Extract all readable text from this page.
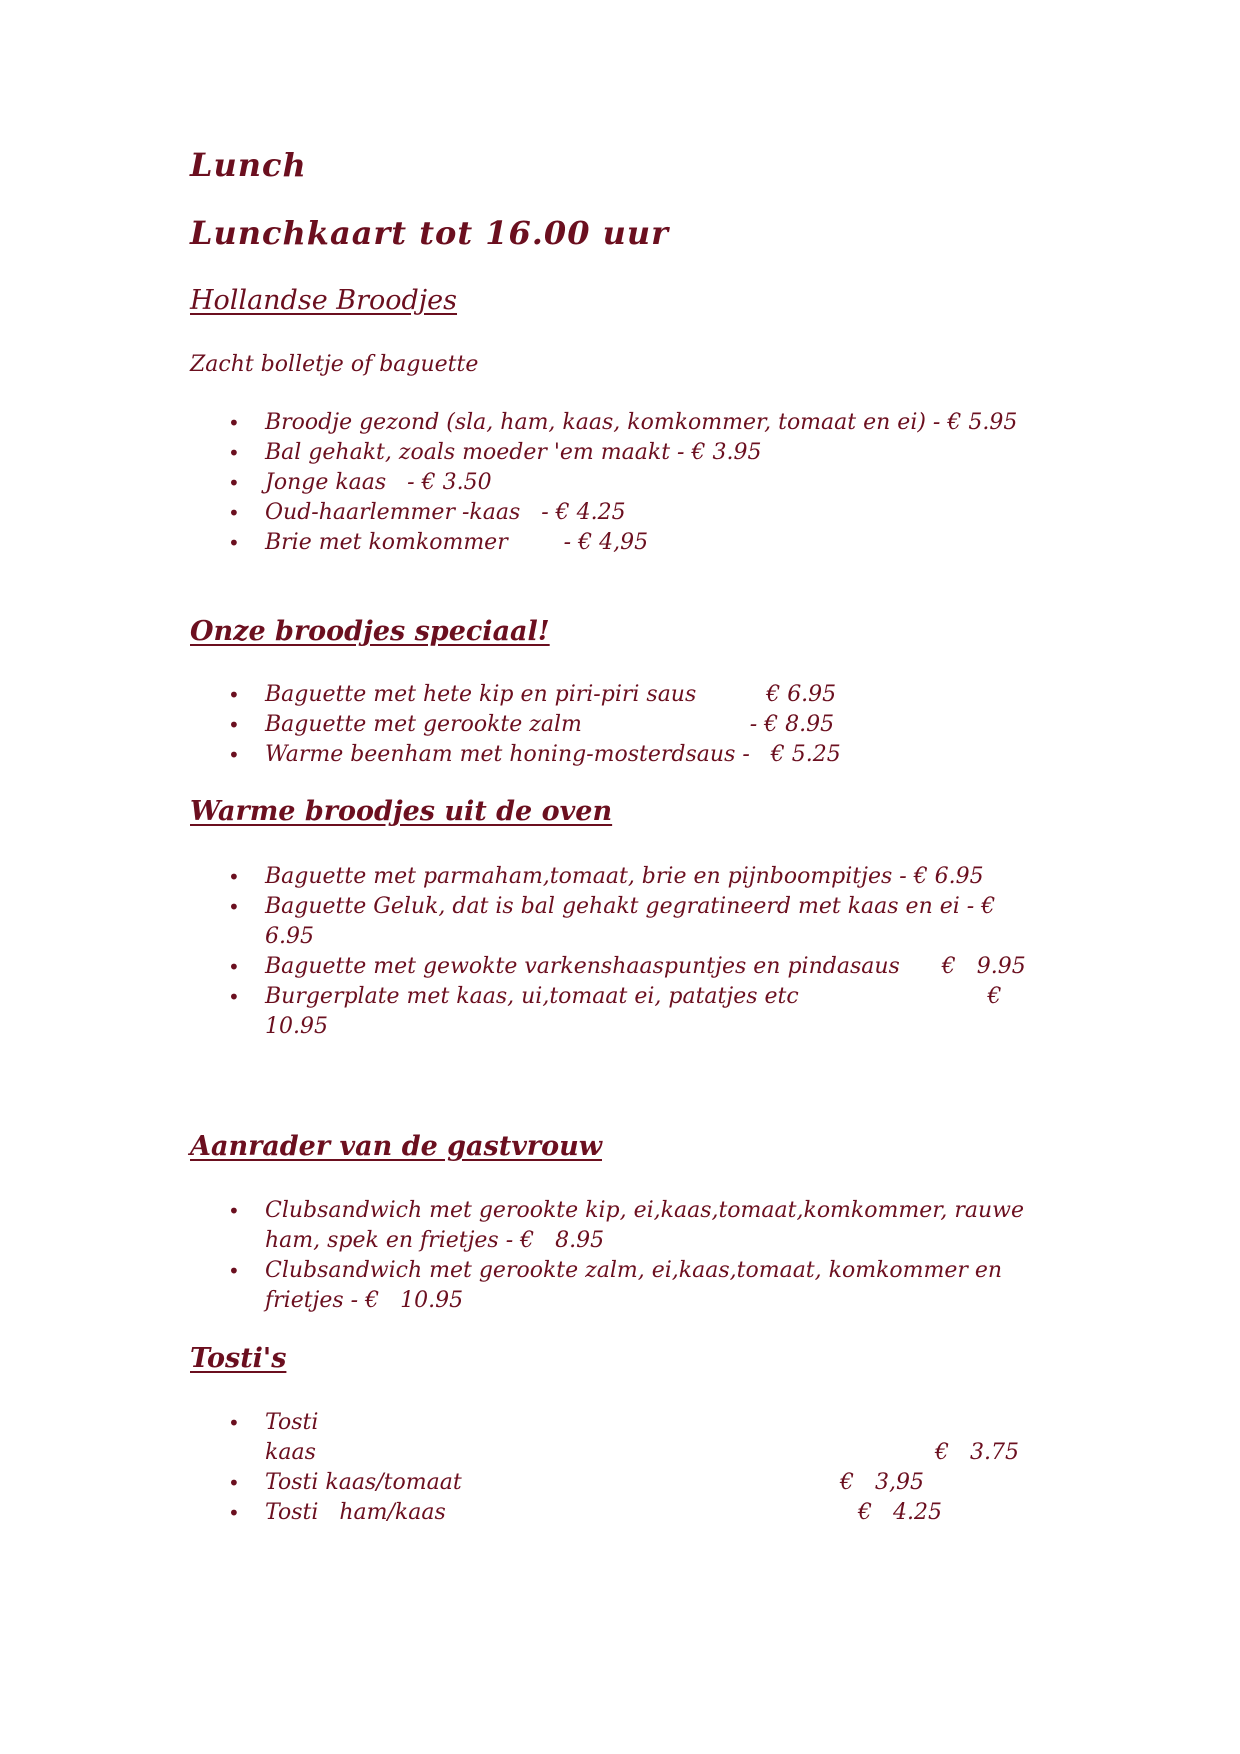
Lunch
Lunchkaart tot 16.00 uur
Hollandse Broodjes
Zacht bolletje of baguette
• Broodje gezond (sla, ham, kaas, komkommer, tomaat en ei) - € 5.95
• Bal gehakt, zoals moeder 'em maakt - € 3.95
• Jonge kaas   - € 3.50
• Oud-haarlemmer -kaas   - € 4.25
• Brie met komkommer        - € 4,95
Onze broodjes speciaal!
• Baguette met hete kip en piri-piri saus          € 6.95
• Baguette met gerookte zalm                        - € 8.95
• Warme beenham met honing-mosterdsaus -   € 5.25
Warme broodjes uit de oven
• Baguette met parmaham,tomaat, brie en pijnboompitjes - € 6.95
• Baguette Geluk, dat is bal gehakt gegratineerd met kaas en ei - € 6.95
• Baguette met gewokte varkenshaaspuntjes en pindasaus      €   9.95
• Burgerplate met kaas, ui,tomaat ei, patatjes etc                           € 10.95
Aanrader van de gastvrouw
• Clubsandwich met gerookte kip, ei,kaas,tomaat,komkommer, rauwe ham, spek en frietjes - €   8.95
• Clubsandwich met gerookte zalm, ei,kaas,tomaat, komkommer en frietjes - €   10.95
Tosti's
• Tosti kaas	€   3.75
• Tosti kaas/tomaat	€   3,95
• Tosti   ham/kaas	€   4.25
